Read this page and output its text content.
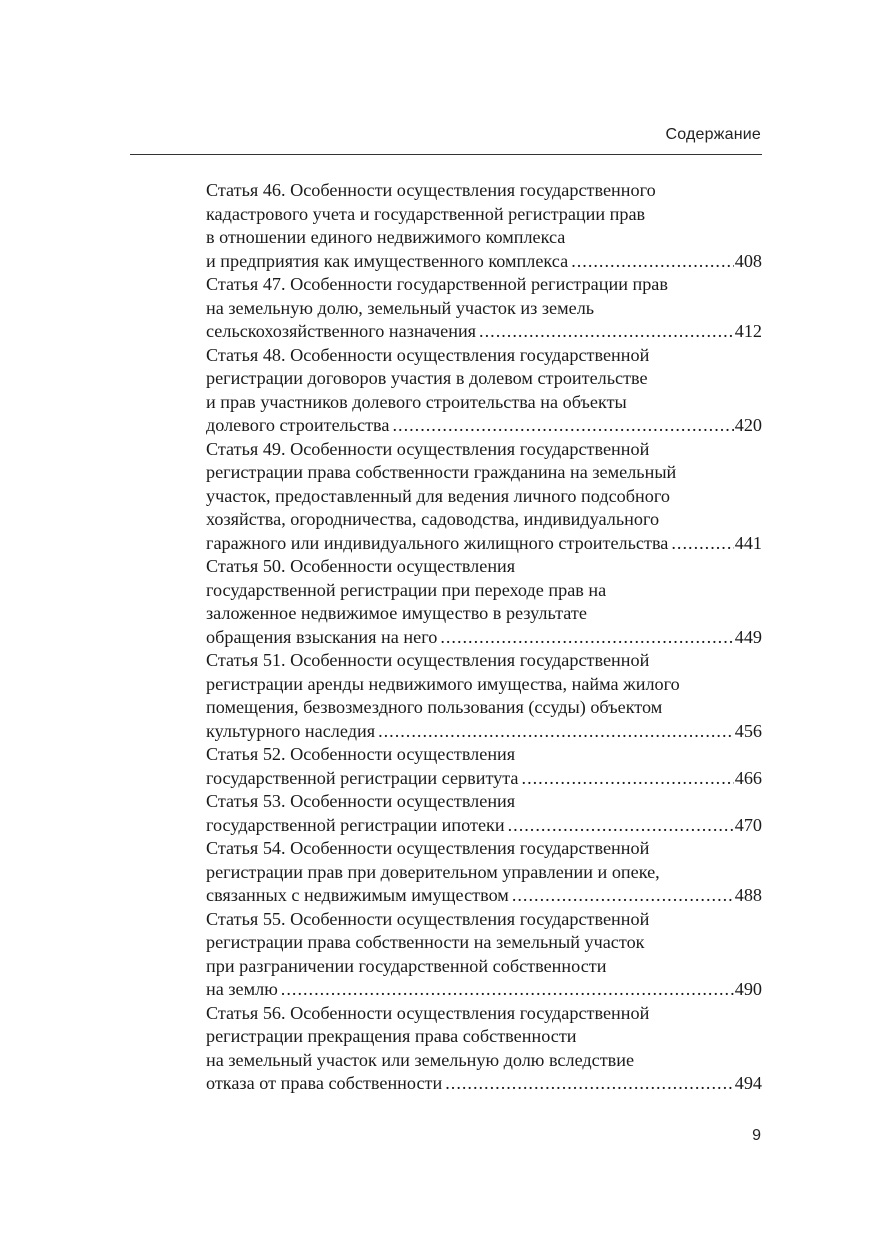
Содержание
Статья 46. Особенности осуществления государственного
кадастрового учета и государственной регистрации прав
в отношении единого недвижимого комплекса
и предприятия как имущественного комплекса .....	408
Статья 47. Особенности государственной регистрации прав
на земельную долю, земельный участок из земель
сельскохозяйственного назначения .....	412
Статья 48. Особенности осуществления государственной
регистрации договоров участия в долевом строительстве
и прав участников долевого строительства на объекты
долевого строительства .....	420
Статья 49. Особенности осуществления государственной
регистрации права собственности гражданина на земельный
участок, предоставленный для ведения личного подсобного
хозяйства, огородничества, садоводства, индивидуального
гаражного или индивидуального жилищного строительства .....	441
Статья 50. Особенности осуществления
государственной регистрации при переходе прав на
заложенное недвижимое имущество в результате
обращения взыскания на него .....	449
Статья 51. Особенности осуществления государственной
регистрации аренды недвижимого имущества, найма жилого
помещения, безвозмездного пользования (ссуды) объектом
культурного наследия .....	456
Статья 52. Особенности осуществления
государственной регистрации сервитута .....	466
Статья 53. Особенности осуществления
государственной регистрации ипотеки .....	470
Статья 54. Особенности осуществления государственной
регистрации прав при доверительном управлении и опеке,
связанных с недвижимым имуществом .....	488
Статья 55. Особенности осуществления государственной
регистрации права собственности на земельный участок
при разграничении государственной собственности
на землю .....	490
Статья 56. Особенности осуществления государственной
регистрации прекращения права собственности
на земельный участок или земельную долю вследствие
отказа от права собственности .....	494
9
